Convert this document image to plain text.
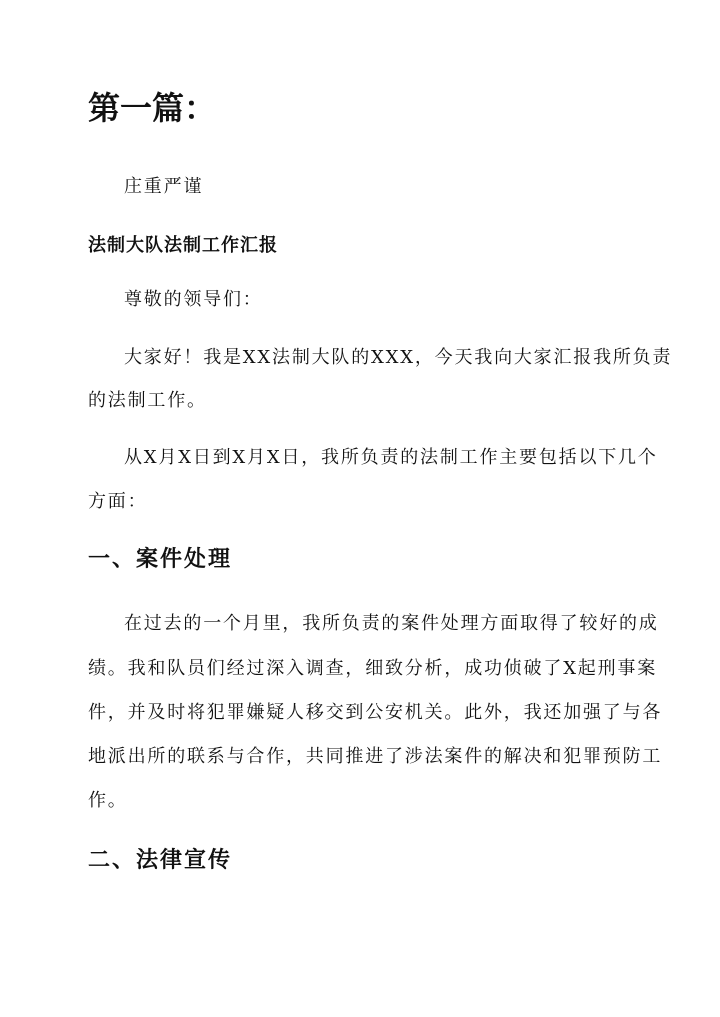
第一篇：
庄重严谨
法制大队法制工作汇报
尊敬的领导们：
大家好！我是XX法制大队的XXX，今天我向大家汇报我所负责
的法制工作。
从X月X日到X月X日，我所负责的法制工作主要包括以下几个
方面：
一、案件处理
在过去的一个月里，我所负责的案件处理方面取得了较好的成
绩。我和队员们经过深入调查，细致分析，成功侦破了X起刑事案
件，并及时将犯罪嫌疑人移交到公安机关。此外，我还加强了与各
地派出所的联系与合作，共同推进了涉法案件的解决和犯罪预防工
作。
二、法律宣传
